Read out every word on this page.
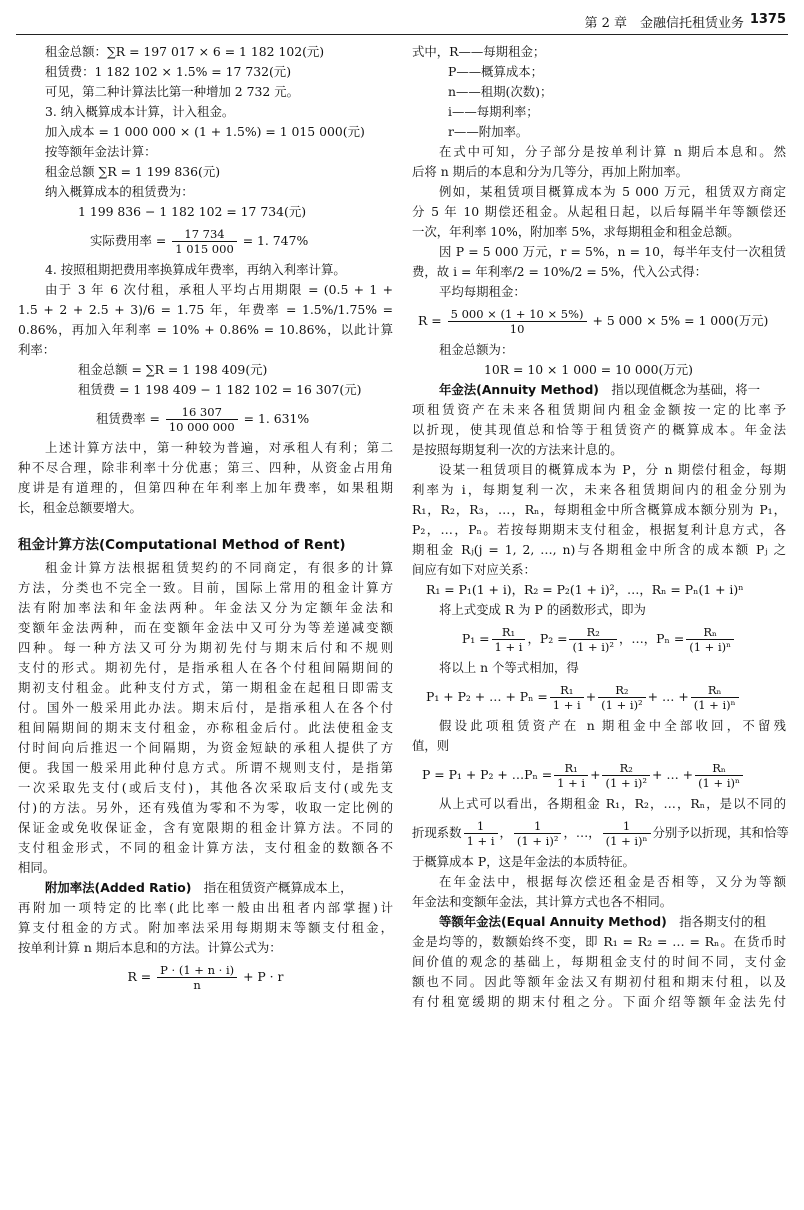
第 2 章　金融信托租赁业务 1375
租金总额：∑R = 197 017 × 6 = 1 182 102(元)
租赁费：1 182 102 × 1.5% = 17 732(元)
可见，第二种计算法比第一种增加 2 732 元。
3. 纳入概算成本计算，计入租金。
加入成本 = 1 000 000 × (1 + 1.5%) = 1 015 000(元)
按等额年金法计算：
租金总额 ∑R = 1 199 836(元)
纳入概算成本的租赁费为：
1 199 836 − 1 182 102 = 17 734(元)
实际费用率 = $\frac{17 734}{1 015 000} = 1$. 747%
4. 按照租期把费用率换算成年费率，再纳入利率计算。
由于 3 年 6 次付租，承租人平均占用期限 = (0.5 + 1 +
1.5 + 2 + 2.5 + 3)/6 = 1.75 年，年费率 = 1.5%/1.75% =
0.86%，再加入年利率 = 10% + 0.86% = 10.86%，以此计算
利率：
租金总额 = ∑R = 1 198 409(元)
租赁费 = 1 198 409 − 1 182 102 = 16 307(元)
租赁费率 = $\frac{16 307}{10 000 000} = 1$. 631%
上述计算方法中，第一种较为普遍，对承租人有利；第二
种不尽合理，除非利率十分优惠；第三、四种，从资金占用角
度讲是有道理的，但第四种在年利率上加年费率，如果租期
长，租金总额要增大。
租金计算方法(Computational Method of Rent)
租金计算方法根据租赁契约的不同商定，有很多的计算
方法，分类也不完全一致。目前，国际上常用的租金计算方
法有附加率法和年金法两种。年金法又分为定额年金法和
变额年金法两种，而在变额年金法中又可分为等差递减变额
四种。每一种方法又可分为期初先付与期末后付和不规则
支付的形式。期初先付，是指承租人在各个付租间隔期间的
期初支付租金。此种支付方式，第一期租金在起租日即需支
付。国外一般采用此办法。期末后付，是指承租人在各个付
租间隔期间的期末支付租金，亦称租金后付。此法使租金支
付时间向后推迟一个间隔期，为资金短缺的承租人提供了方
便。我国一般采用此种付息方式。所谓不规则支付，是指第
一次采取先支付(或后支付)，其他各次采取后支付(或先支
付)的方法。另外，还有残值为零和不为零，收取一定比例的
保证金或免收保证金，含有宽限期的租金计算方法。不同的
支付租金形式，不同的租金计算方法，支付租金的数额各不
相同。
附加率法(Added Ratio)　 指在租赁资产概算成本上，
再附加一项特定的比率(此比率一般由出租者内部掌握)计
算支付租金的方式。附加率法采用每期期末等额支付租金，
按单利计算 n 期后本息和的方法。计算公式为：
$R = \frac{P \cdot (1 + n \cdot i)}{n} + P \cdot r$
式中，R——每期租金；
P——概算成本；
n——租期(次数)；
i——每期利率；
r——附加率。
在式中可知，分子部分是按单利计算 n 期后本息和。然
后将 n 期后的本息和分为几等分，再加上附加率。
例如，某租赁项目概算成本为 5 000 万元，租赁双方商定
分 5 年 10 期偿还租金。从起租日起，以后每隔半年等额偿还
一次，年利率 10%，附加率 5%，求每期租金和租金总额。
因 P = 5 000 万元，r = 5%，n = 10，每半年支付一次租赁
费，故 i = 年利率/2 = 10%/2 = 5%，代入公式得：
平均每期租金：
$R = \frac{5 000 \times (1 + 10 \times 5\%)}{10} + 5$ 000 × 5% = 1 000(万元)
租金总额为：
10R = 10 × 1 000 = 10 000(万元)
年金法(Annuity Method)　 指以现值概念为基础，将一
项租赁资产在未来各租赁期间内租金金额按一定的比率予
以折现，使其现值总和恰等于租赁资产的概算成本。年金法
是按照每期复利一次的方法来计息的。
设某一租赁项目的概算成本为 P，分 n 期偿付租金，每期
利率为 i，每期复利一次，未来各租赁期间内的租金分别为
R₁，R₂，R₃，…，Rₙ，每期租金中所含概算成本额分别为 P₁，
P₂，…，Pₙ。若按每期期末支付租金，根据复利计息方式，各
期租金 Rⱼ(j = 1, 2, …, n)与各期租金中所含的成本额 Pⱼ 之
间应有如下对应关系：
R₁ = P₁(1 + i)，R₂ = P₂(1 + i)²，…，Rₙ = Pₙ(1 + i)ⁿ
将上式变成 R 为 P 的函数形式，即为
$P_1 = \frac{\text{R₁}}{1 + i}$ ，$P_2 = \frac{\text{R₂}}{\text{(1 + i)²}}$ ，…，$P_n = \frac{\text{Rₙ}}{\text{(1 + i)ⁿ}}$
将以上 n 个等式相加，得
P₁ + P₂ + … + $P_n = \frac{\text{R₁}}{1 + i} + \frac{\text{R₂}}{\text{(1 + i)²}}$ + … + $\frac{\text{Rₙ}}{\text{(1 + i)ⁿ}}$
假设此项租赁资产在 n 期租金中全部收回，不留残
值，则
P = P₁ + P₂ + …Pₙ = $\frac{\text{R₁}}{1 + i} + \frac{\text{R₂}}{\text{(1 + i)²}}$ + … + $\frac{\text{Rₙ}}{\text{(1 + i)ⁿ}}$
从上式可以看出，各期租金 R₁，R₂，…，Rₙ，是以不同的
折现系数 $\frac{1}{1 + i}$ ， $\frac{1}{\text{(1 + i)²}}$ ，…， $\frac{1}{\text{(1 + i)ⁿ}}$ 分别予以折现，其和恰等
于概算成本 P，这是年金法的本质特征。
在年金法中，根据每次偿还租金是否相等，又分为等额
年金法和变额年金法，其计算方式也各不相同。
等额年金法(Equal Annuity Method)　 指各期支付的租
金是均等的，数额始终不变，即 R₁ = R₂ = … = Rₙ。在货币时
间价值的观念的基础上，每期租金支付的时间不同，支付金
额也不同。因此等额年金法又有期初付租和期末付租，以及
有付租宽缓期的期末付租之分。下面介绍等额年金法先付
